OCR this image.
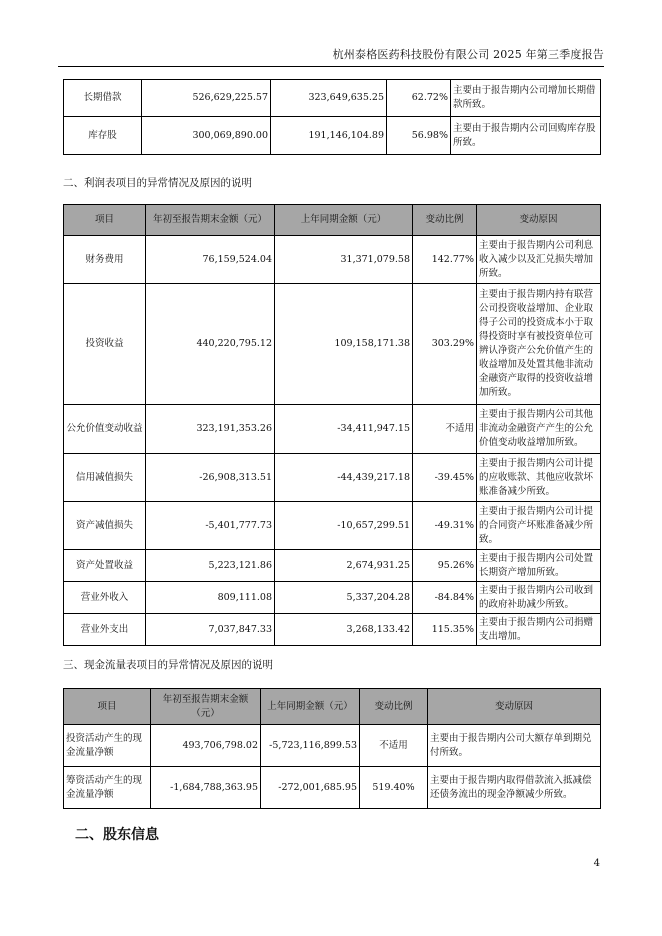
杭州泰格医药科技股份有限公司 2025 年第三季度报告
长期借款	526,629,225.57	323,649,635.25	62.72%	主要由于报告期内公司增加长期借款所致。
库存股	300,069,890.00	191,146,104.89	56.98%	主要由于报告期内公司回购库存股所致。
二、利润表项目的异常情况及原因的说明
项目	年初至报告期末金额（元）	上年同期金额（元）	变动比例	变动原因
财务费用	76,159,524.04	31,371,079.58	142.77%	主要由于报告期内公司利息收入减少以及汇兑损失增加所致。
投资收益	440,220,795.12	109,158,171.38	303.29%	主要由于报告期内持有联营公司投资收益增加、企业取得子公司的投资成本小于取得投资时享有被投资单位可辨认净资产公允价值产生的收益增加及处置其他非流动金融资产取得的投资收益增加所致。
公允价值变动收益	323,191,353.26	-34,411,947.15	不适用	主要由于报告期内公司其他非流动金融资产产生的公允价值变动收益增加所致。
信用减值损失	-26,908,313.51	-44,439,217.18	-39.45%	主要由于报告期内公司计提的应收账款、其他应收款坏账准备减少所致。
资产减值损失	-5,401,777.73	-10,657,299.51	-49.31%	主要由于报告期内公司计提的合同资产坏账准备减少所致。
资产处置收益	5,223,121.86	2,674,931.25	95.26%	主要由于报告期内公司处置长期资产增加所致。
营业外收入	809,111.08	5,337,204.28	-84.84%	主要由于报告期内公司收到的政府补助减少所致。
营业外支出	7,037,847.33	3,268,133.42	115.35%	主要由于报告期内公司捐赠支出增加。
三、现金流量表项目的异常情况及原因的说明
项目	年初至报告期末金额（元）	上年同期金额（元）	变动比例	变动原因
投资活动产生的现金流量净额	493,706,798.02	-5,723,116,899.53	不适用	主要由于报告期内公司大额存单到期兑付所致。
筹资活动产生的现金流量净额	-1,684,788,363.95	-272,001,685.95	519.40%	主要由于报告期内取得借款流入抵减偿还债务流出的现金净额减少所致。
二、股东信息
4
